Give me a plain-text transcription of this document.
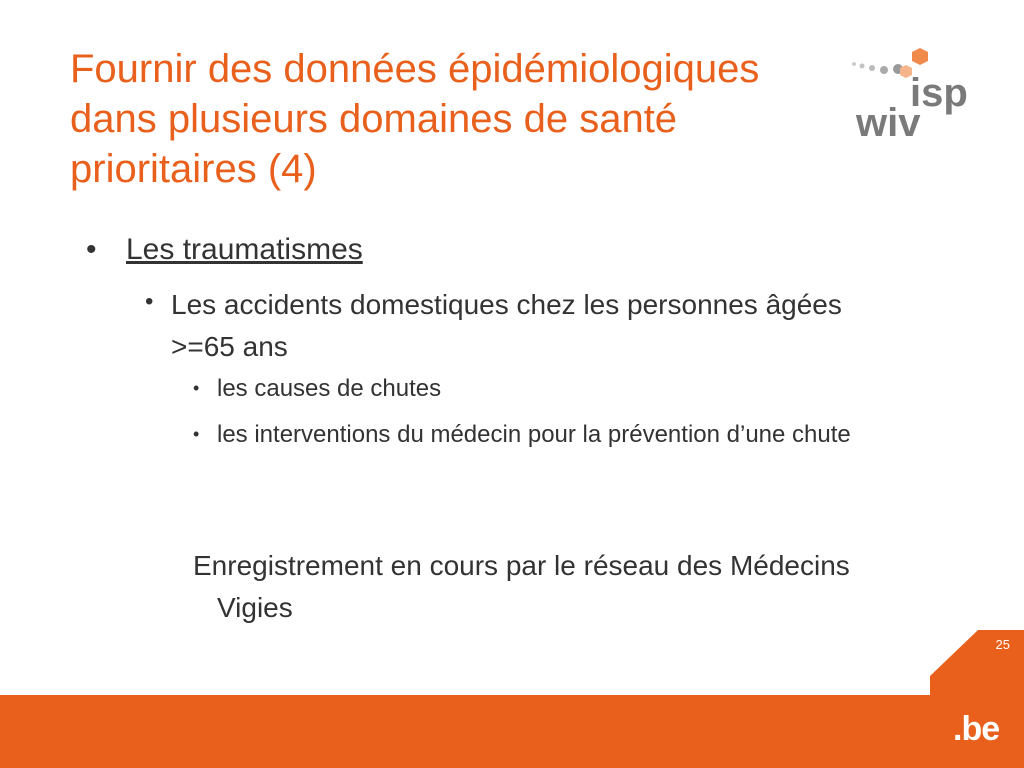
Fournir des données épidémiologiques dans plusieurs domaines de santé prioritaires (4)
isp
wiv
• Les traumatismes

• Les accidents domestiques chez les personnes âgées >=65 ans

• les causes de chutes

• les interventions du médecin pour la prévention d’une chute

Enregistrement en cours par le réseau des Médecins Vigies

25
.be
